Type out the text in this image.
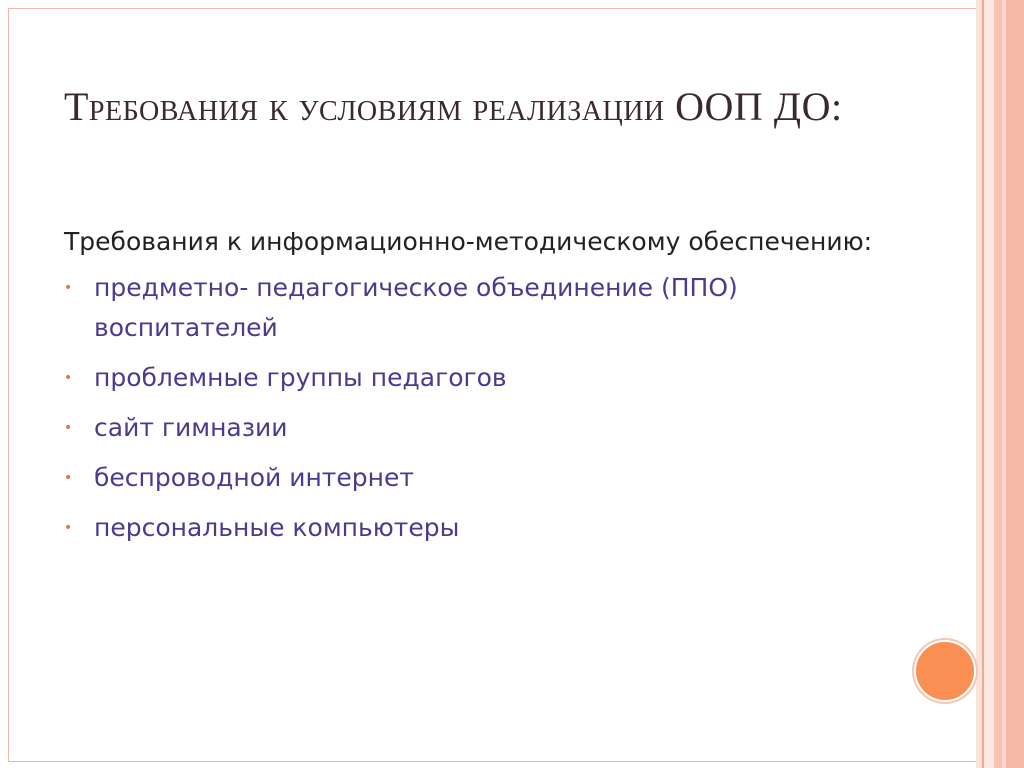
Требования к условиям реализации ООП ДО:
Требования к информационно-методическому обеспечению:
• предметно- педагогическое объединение (ППО) воспитателей
• проблемные группы педагогов
• сайт гимназии
• беспроводной интернет
• персональные компьютеры
